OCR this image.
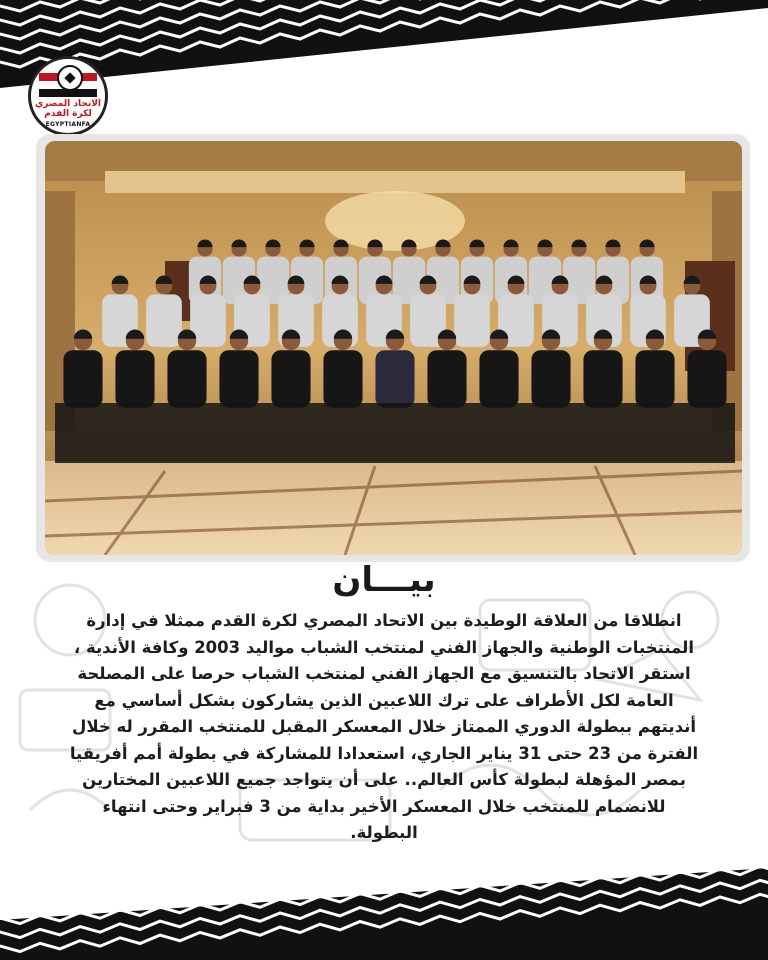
الاتحاد المصري
لكرة القدم
EGYPTIANFA
بيـــان
انطلاقا من العلاقة الوطيدة بين الاتحاد المصري لكرة القدم ممثلا في إدارة
المنتخبات الوطنية والجهاز الفني لمنتخب الشباب مواليد 2003 وكافة الأندية ،
استقر الاتحاد بالتنسيق مع الجهاز الفني لمنتخب الشباب حرصا على المصلحة
العامة لكل الأطراف على ترك اللاعبين الذين يشاركون بشكل أساسي مع
أنديتهم ببطولة الدوري الممتاز خلال المعسكر المقبل للمنتخب المقرر له خلال
الفترة من 23 حتى 31 يناير الجاري، استعدادا للمشاركة في بطولة أمم أفريقيا
بمصر المؤهلة لبطولة كأس العالم.. على أن يتواجد جميع اللاعبين المختارين
للانضمام للمنتخب خلال المعسكر الأخير بداية من 3 فبراير وحتى انتهاء
البطولة.
